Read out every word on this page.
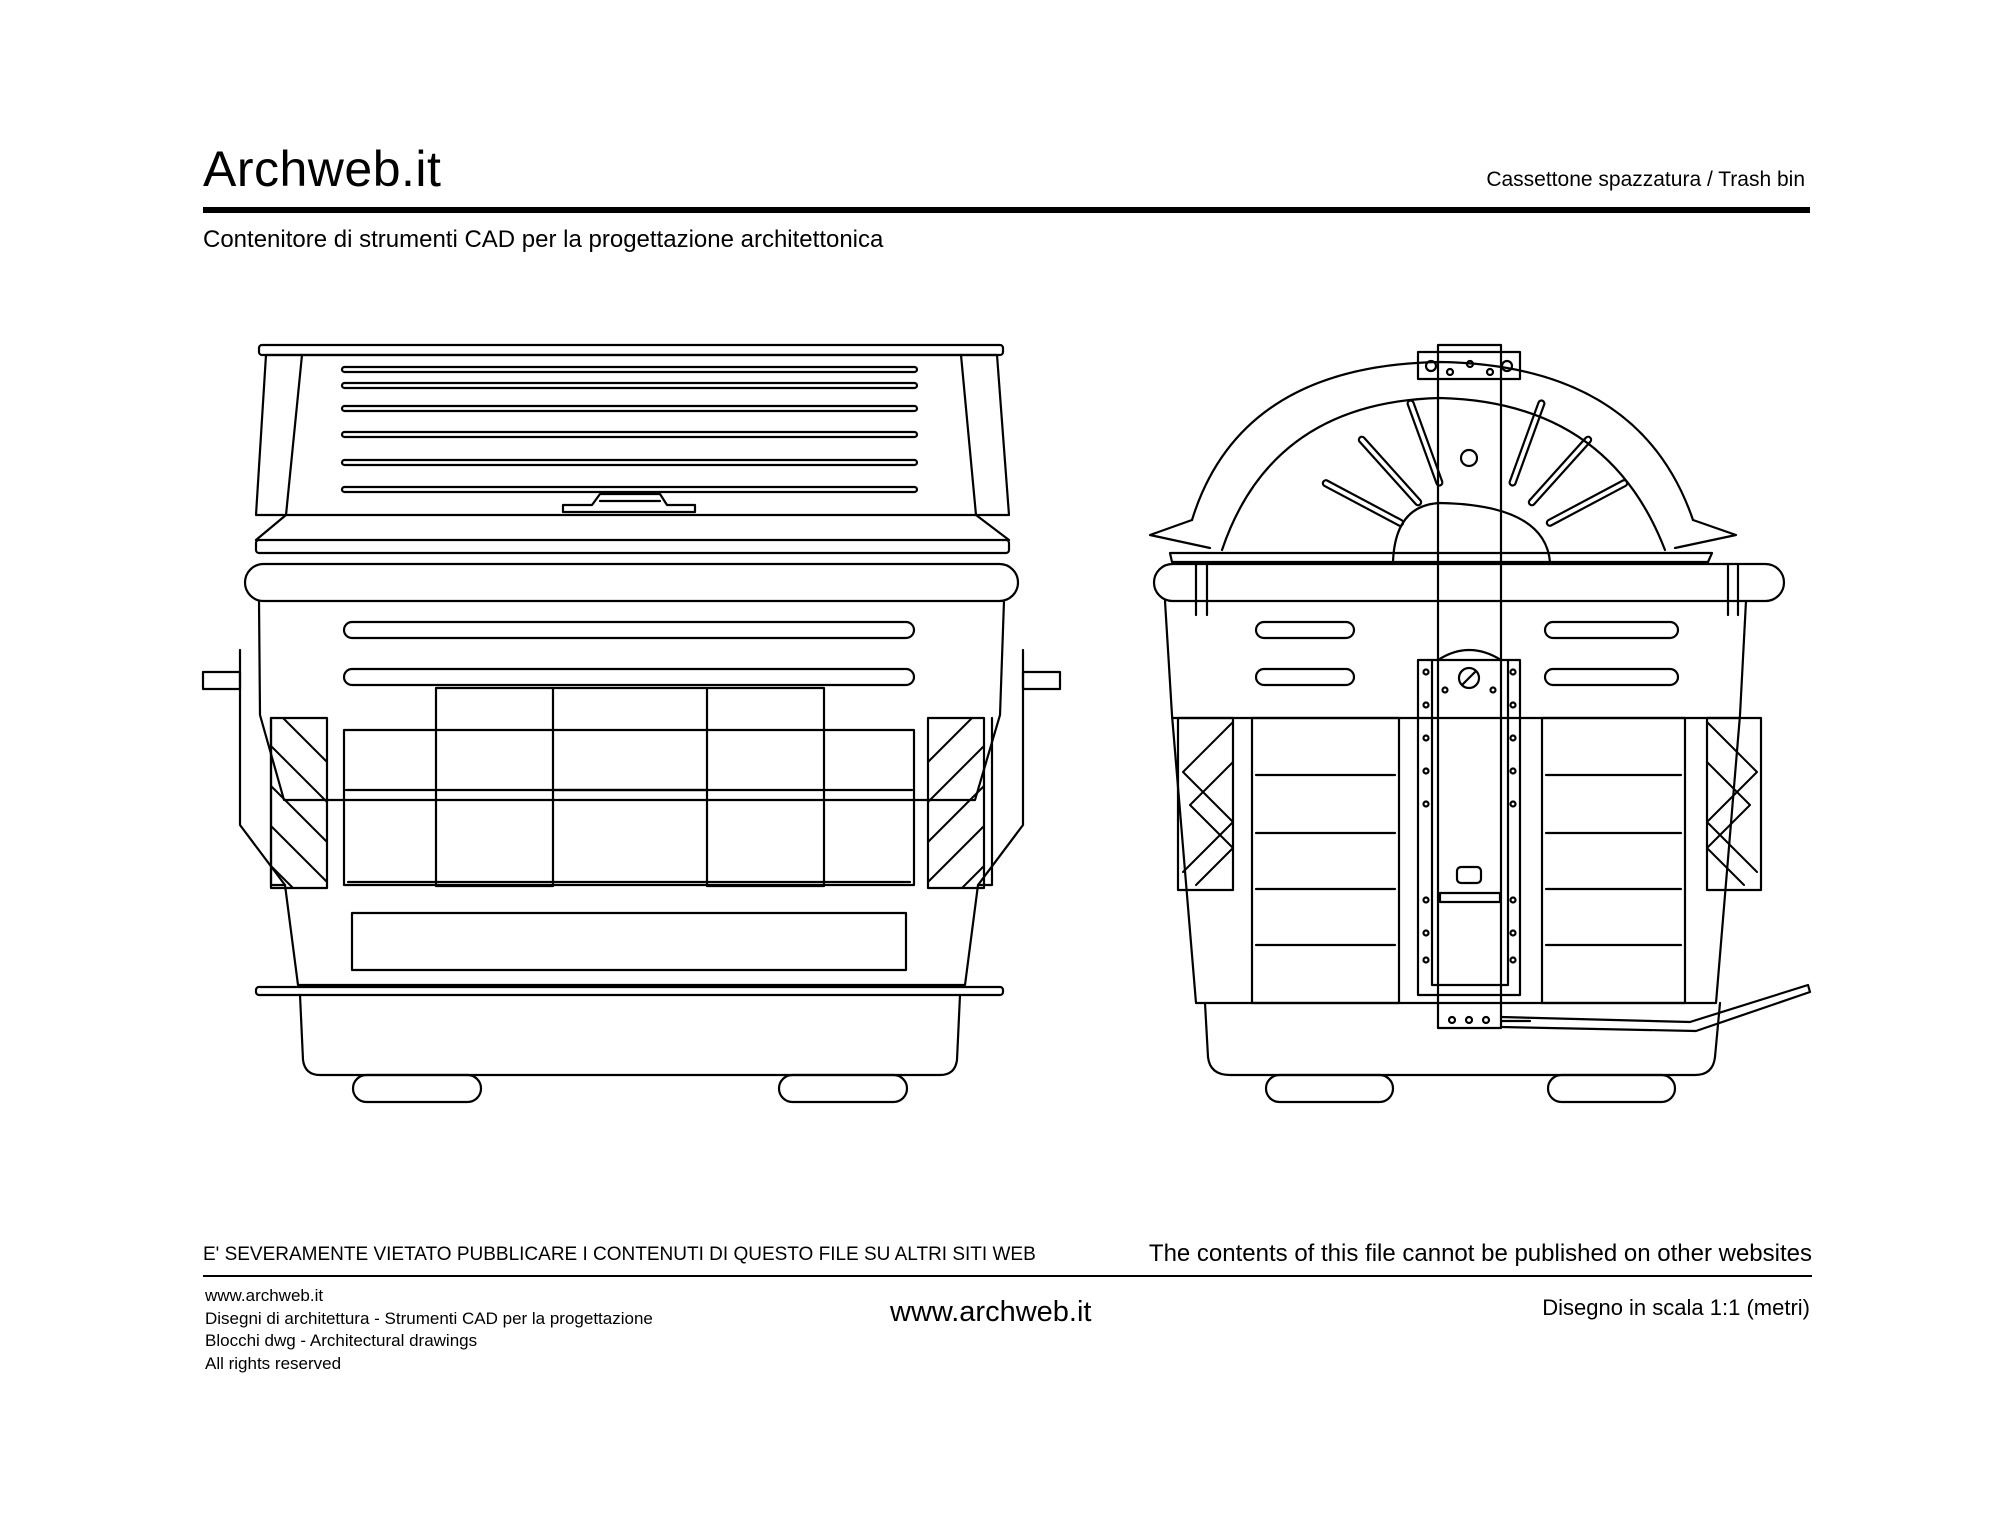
Archweb.it	Cassettone spazzatura / Trash bin
Contenitore di strumenti CAD per la progettazione architettonica
E' SEVERAMENTE VIETATO PUBBLICARE I CONTENUTI DI QUESTO FILE SU ALTRI SITI WEB	The contents of this file cannot be published on other websites
www.archweb.it
Disegni di architettura - Strumenti CAD per la progettazione
Blocchi dwg - Architectural drawings
All rights reserved
www.archweb.it	Disegno in scala 1:1 (metri)
